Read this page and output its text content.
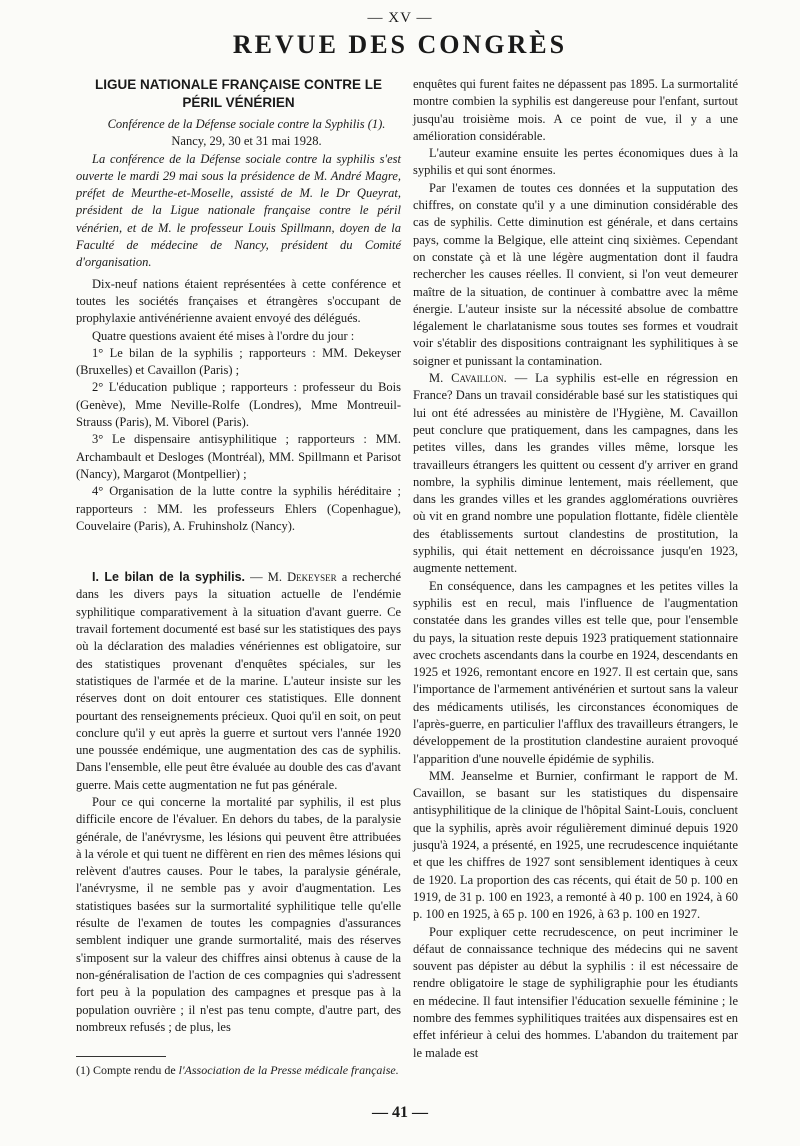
— XV —
REVUE DES CONGRÈS
LIGUE NATIONALE FRANÇAISE CONTRE LE PÉRIL VÉNÉRIEN

Conférence de la Défense sociale contre la Syphilis (1).

Nancy, 29, 30 et 31 mai 1928.

La conférence de la Défense sociale contre la syphilis s'est ouverte le mardi 29 mai sous la présidence de M. André Magre, préfet de Meurthe-et-Moselle, assisté de M. le Dr Queyrat, président de la Ligue nationale française contre le péril vénérien, et de M. le professeur Louis Spillmann, doyen de la Faculté de médecine de Nancy, président du Comité d'organisation.

Dix-neuf nations étaient représentées à cette conférence et toutes les sociétés françaises et étrangères s'occupant de prophylaxie antivénérienne avaient envoyé des délégués.

Quatre questions avaient été mises à l'ordre du jour :

1° Le bilan de la syphilis ; rapporteurs : MM. Dekeyser (Bruxelles) et Cavaillon (Paris) ;

2° L'éducation publique ; rapporteurs : professeur du Bois (Genève), Mme Neville-Rolfe (Londres), Mme Montreuil-Strauss (Paris), M. Viborel (Paris).

3° Le dispensaire antisyphilitique ; rapporteurs : MM. Archambault et Desloges (Montréal), MM. Spillmann et Parisot (Nancy), Margarot (Montpellier) ;

4° Organisation de la lutte contre la syphilis héréditaire ; rapporteurs : MM. les professeurs Ehlers (Copenhague), Couvelaire (Paris), A. Fruhinsholz (Nancy).

I. Le bilan de la syphilis. — M. Dekeyser a recherché dans les divers pays la situation actuelle de l'endémie syphilitique comparativement à la situation d'avant guerre. Ce travail fortement documenté est basé sur les statistiques des pays où la déclaration des maladies vénériennes est obligatoire, sur des statistiques provenant d'enquêtes spéciales, sur les statistiques de l'armée et de la marine. L'auteur insiste sur les réserves dont on doit entourer ces statistiques. Elle donnent pourtant des renseignements précieux. Quoi qu'il en soit, on peut conclure qu'il y eut après la guerre et surtout vers l'année 1920 une poussée endémique, une augmentation des cas de syphilis. Dans l'ensemble, elle peut être évaluée au double des cas d'avant guerre. Mais cette augmentation ne fut pas générale.

Pour ce qui concerne la mortalité par syphilis, il est plus difficile encore de l'évaluer. En dehors du tabes, de la paralysie générale, de l'anévrysme, les lésions qui peuvent être attribuées à la vérole et qui tuent ne diffèrent en rien des mêmes lésions qui relèvent d'autres causes. Pour le tabes, la paralysie générale, l'anévrysme, il ne semble pas y avoir d'augmentation. Les statistiques basées sur la surmortalité syphilitique telle qu'elle résulte de l'examen de toutes les compagnies d'assurances semblent indiquer une grande surmortalité, mais des réserves s'imposent sur la valeur des chiffres ainsi obtenus à cause de la non-généralisation de l'action de ces compagnies qui s'adressent fort peu à la population des campagnes et presque pas à la population ouvrière ; il n'est pas tenu compte, d'autre part, des nombreux refusés ; de plus, les

enquêtes qui furent faites ne dépassent pas 1895. La surmortalité montre combien la syphilis est dangereuse pour l'enfant, surtout jusqu'au troisième mois. A ce point de vue, il y a une amélioration considérable.

L'auteur examine ensuite les pertes économiques dues à la syphilis et qui sont énormes.

Par l'examen de toutes ces données et la supputation des chiffres, on constate qu'il y a une diminution considérable des cas de syphilis. Cette diminution est générale, et dans certains pays, comme la Belgique, elle atteint cinq sixièmes. Cependant on constate çà et là une légère augmentation dont il faudra rechercher les causes réelles. Il convient, si l'on veut demeurer maître de la situation, de continuer à combattre avec la même énergie. L'auteur insiste sur la nécessité absolue de combattre légalement le charlatanisme sous toutes ses formes et voudrait voir s'établir des dispositions contraignant les syphilitiques à se soigner et punissant la contamination.

M. Cavaillon. — La syphilis est-elle en régression en France? Dans un travail considérable basé sur les statistiques qui lui ont été adressées au ministère de l'Hygiène, M. Cavaillon peut conclure que pratiquement, dans les campagnes, dans les petites villes, dans les grandes villes même, lorsque les travailleurs étrangers les quittent ou cessent d'y arriver en grand nombre, la syphilis diminue lentement, mais réellement, que dans les grandes villes et les grandes agglomérations ouvrières où vit en grand nombre une population flottante, fidèle clientèle des établissements surtout clandestins de prostitution, la syphilis, qui était nettement en décroissance jusqu'en 1923, augmente nettement.

En conséquence, dans les campagnes et les petites villes la syphilis est en recul, mais l'influence de l'augmentation constatée dans les grandes villes est telle que, pour l'ensemble du pays, la situation reste depuis 1923 pratiquement stationnaire avec crochets ascendants dans la courbe en 1924, descendants en 1925 et 1926, remontant encore en 1927. Il est certain que, sans l'importance de l'armement antivénérien et surtout sans la valeur des médicaments utilisés, les circonstances économiques de l'après-guerre, en particulier l'afflux des travailleurs étrangers, le développement de la prostitution clandestine auraient provoqué l'apparition d'une nouvelle épidémie de syphilis.

MM. Jeanselme et Burnier, confirmant le rapport de M. Cavaillon, se basant sur les statistiques du dispensaire antisyphilitique de la clinique de l'hôpital Saint-Louis, concluent que la syphilis, après avoir régulièrement diminué depuis 1920 jusqu'à 1924, a présenté, en 1925, une recrudescence inquiétante et que les chiffres de 1927 sont sensiblement identiques à ceux de 1920. La proportion des cas récents, qui était de 50 p. 100 en 1919, de 31 p. 100 en 1923, a remonté à 40 p. 100 en 1924, à 60 p. 100 en 1925, à 65 p. 100 en 1926, à 63 p. 100 en 1927.

Pour expliquer cette recrudescence, on peut incriminer le défaut de connaissance technique des médecins qui ne savent souvent pas dépister au début la syphilis : il est nécessaire de rendre obligatoire le stage de syphiligraphie pour les étudiants en médecine. Il faut intensifier l'éducation sexuelle féminine ; le nombre des femmes syphilitiques traitées aux dispensaires est en effet inférieur à celui des hommes. L'abandon du traitement par le malade est

(1) Compte rendu de l'Association de la Presse médicale française.
— 41 —
